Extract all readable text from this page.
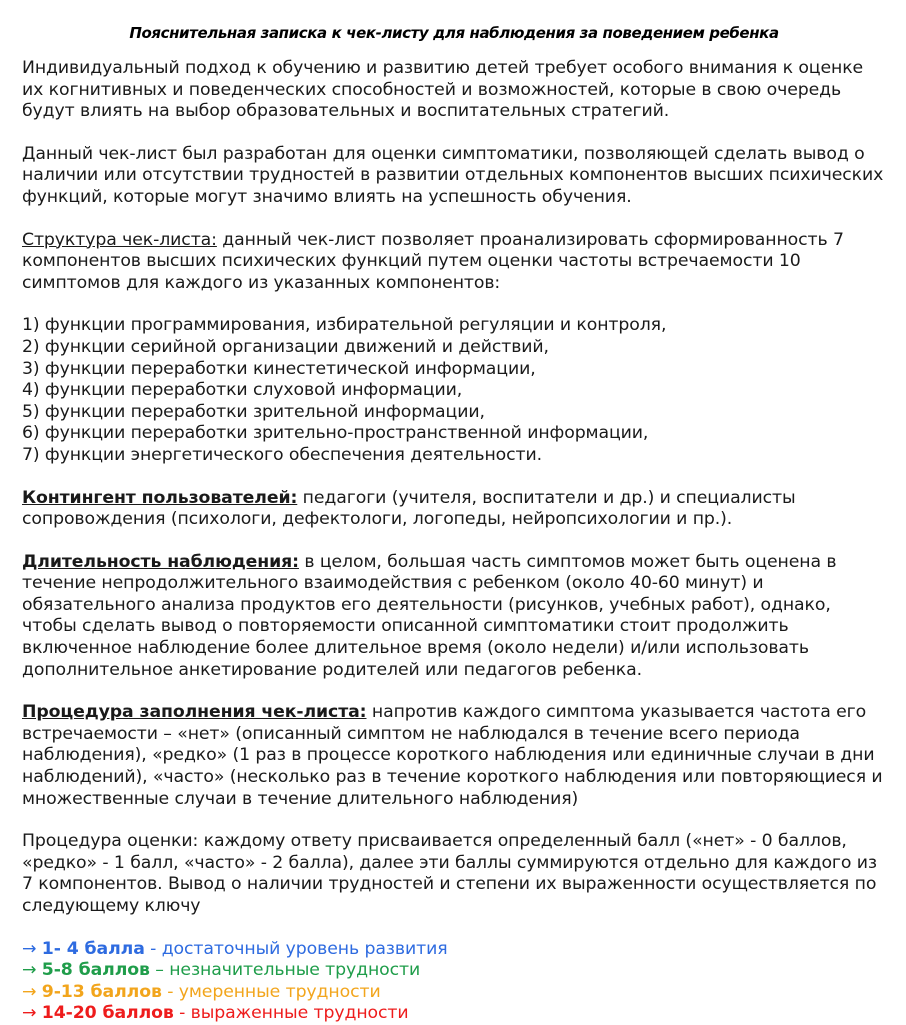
Пояснительная записка к чек-листу для наблюдения за поведением ребенка
Индивидуальный подход к обучению и развитию детей требует особого внимания к оценке их когнитивных и поведенческих способностей и возможностей, которые в свою очередь будут влиять на выбор образовательных и воспитательных стратегий.
Данный чек-лист был разработан для оценки симптоматики, позволяющей сделать вывод о наличии или отсутствии трудностей в развитии отдельных компонентов высших психических функций, которые могут значимо влиять на успешность обучения.
Структура чек-листа: данный чек-лист позволяет проанализировать сформированность 7 компонентов высших психических функций путем оценки частоты встречаемости 10 симптомов для каждого из указанных компонентов:
1) функции программирования, избирательной регуляции и контроля,
2) функции серийной организации движений и действий,
3) функции переработки кинестетической информации,
4) функции переработки слуховой информации,
5) функции переработки зрительной информации,
6) функции переработки зрительно-пространственной информации,
7) функции энергетического обеспечения деятельности.
Контингент пользователей: педагоги (учителя, воспитатели и др.) и специалисты сопровождения (психологи, дефектологи, логопеды, нейропсихологии и пр.).
Длительность наблюдения: в целом, большая часть симптомов может быть оценена в течение непродолжительного взаимодействия с ребенком (около 40-60 минут) и обязательного анализа продуктов его деятельности (рисунков, учебных работ), однако, чтобы сделать вывод о повторяемости описанной симптоматики стоит продолжить включенное наблюдение более длительное время (около недели) и/или использовать дополнительное анкетирование родителей или педагогов ребенка.
Процедура заполнения чек-листа: напротив каждого симптома указывается частота его встречаемости – «нет» (описанный симптом не наблюдался в течение всего периода наблюдения), «редко» (1 раз в процессе короткого наблюдения или единичные случаи в дни наблюдений), «часто» (несколько раз в течение короткого наблюдения или повторяющиеся и множественные случаи в течение длительного наблюдения)
Процедура оценки: каждому ответу присваивается определенный балл («нет» - 0 баллов, «редко» - 1 балл, «часто» - 2 балла), далее эти баллы суммируются отдельно для каждого из 7 компонентов. Вывод о наличии трудностей и степени их выраженности осуществляется по следующему ключу
→ 1- 4 балла - достаточный уровень развития
→ 5-8 баллов – незначительные трудности
→ 9-13 баллов - умеренные трудности
→ 14-20 баллов - выраженные трудности
